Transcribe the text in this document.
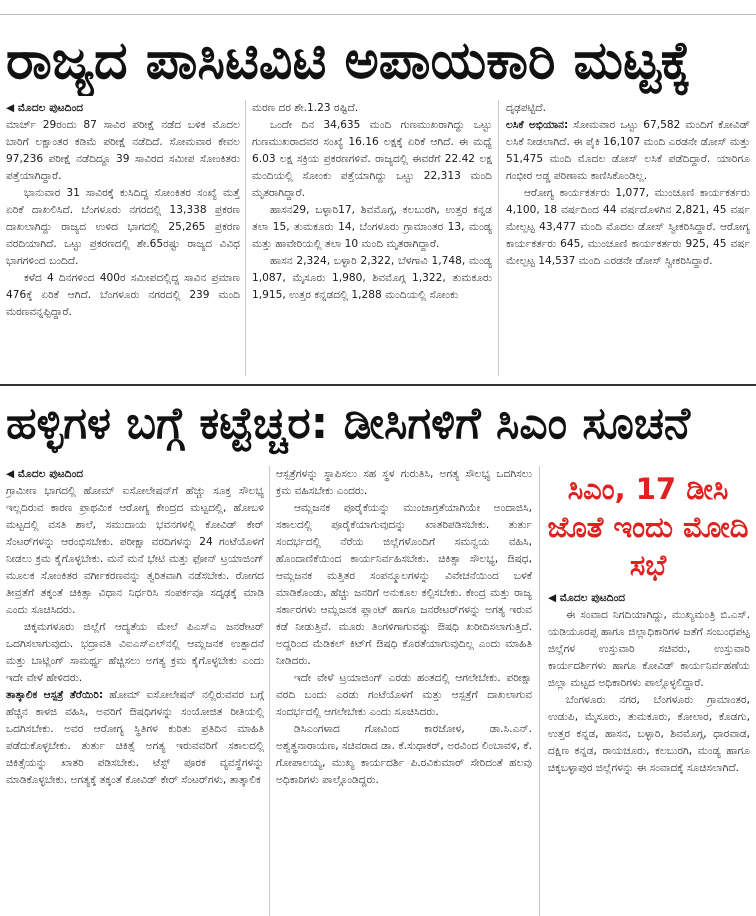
ರಾಜ್ಯದ ಪಾಸಿಟಿವಿಟಿ ಅಪಾಯಕಾರಿ ಮಟ್ಟಕ್ಕೆ

◀ ಮೊದಲ ಪುಟದಿಂದ

ಮಾರ್ಚ್ 29ರಂದು 87 ಸಾವಿರ ಪರೀಕ್ಷೆ ನಡೆದ ಬಳಿಕ ಮೊದಲ ಬಾರಿಗೆ ಲಕ್ಷಾಂತರ ಕಡಿಮೆ ಪರೀಕ್ಷೆ ನಡೆದಿದೆ. ಸೋಮವಾರ ಕೇವಲ 97,236 ಪರೀಕ್ಷೆ ನಡೆದಿದ್ದೂ 39 ಸಾವಿರದ ಸಮೀಪ ಸೋಂಕಿತರು ಪತ್ತೆಯಾಗಿದ್ದಾರೆ.

ಭಾನುವಾರ 31 ಸಾವಿರಕ್ಕೆ ಕುಸಿದಿದ್ದ ಸೋಂಕಿತರ ಸಂಖ್ಯೆ ಮತ್ತೆ ಏರಿಕೆ ದಾಖಲಿಸಿದೆ. ಬೆಂಗಳೂರು ನಗರದಲ್ಲಿ 13,338 ಪ್ರಕರಣ ದಾಖಲಾಗಿದ್ದು ರಾಜ್ಯದ ಉಳಿದ ಭಾಗದಲ್ಲಿ 25,265 ಪ್ರಕರಣ ವರದಿಯಾಗಿದೆ. ಒಟ್ಟು ಪ್ರಕರಣದಲ್ಲಿ ಶೇ.65ರಷ್ಟು ರಾಜ್ಯದ ವಿವಿಧ ಭಾಗಗಳಿಂದ ಬಂದಿದೆ.

ಕಳೆದ 4 ದಿನಗಳಿಂದ 400ರ ಸಮೀಪದಲ್ಲಿದ್ದ ಸಾವಿನ ಪ್ರಮಾಣ 476ಕ್ಕೆ ಏರಿಕೆ ಆಗಿದೆ. ಬೆಂಗಳೂರು ನಗರದಲ್ಲಿ 239 ಮಂದಿ ಮರಣವನ್ನಪ್ಪಿದ್ದಾರೆ.

ಮರಣ ದರ ಶೇ.1.23 ರಷ್ಟಿದೆ.

ಒಂದೇ ದಿನ 34,635 ಮಂದಿ ಗುಣಮುಖರಾಗಿದ್ದು ಒಟ್ಟು ಗುಣಮುಖರಾದವರ ಸಂಖ್ಯೆ 16.16 ಲಕ್ಷಕ್ಕೆ ಏರಿಕೆ ಆಗಿದೆ. ಈ ಮಧ್ಯೆ 6.03 ಲಕ್ಷ ಸಕ್ರಿಯ ಪ್ರಕರಣಗಳಿವೆ. ರಾಜ್ಯದಲ್ಲಿ ಈವರೆಗೆ 22.42 ಲಕ್ಷ ಮಂದಿಯಲ್ಲಿ ಸೋಂಕು ಪತ್ತೆಯಾಗಿದ್ದು ಒಟ್ಟು 22,313 ಮಂದಿ ಮೃತರಾಗಿದ್ದಾರೆ.

ಹಾಸನ29, ಬಳ್ಳಾರಿ17, ಶಿವಮೊಗ್ಗ, ಕಲಬುರಗಿ, ಉತ್ತರ ಕನ್ನಡ ತಲಾ 15, ತುಮಕೂರು 14, ಬೆಂಗಳೂರು ಗ್ರಾಮಾಂತರ 13, ಮಂಡ್ಯ ಮತ್ತು ಹಾವೇರಿಯಲ್ಲಿ ತಲಾ 10 ಮಂದಿ ಮೃತರಾಗಿದ್ದಾರೆ.

ಹಾಸನ 2,324, ಬಳ್ಳಾರಿ 2,322, ಬೆಳಗಾವಿ 1,748, ಮಂಡ್ಯ 1,087, ಮೈಸೂರು 1,980, ಶಿವಮೊಗ್ಗ 1,322, ತುಮಕೂರು 1,915, ಉತ್ತರ ಕನ್ನಡದಲ್ಲಿ 1,288 ಮಂದಿಯಲ್ಲಿ ಸೋಂಕು

ದೃಢಪಟ್ಟಿದೆ.

ಲಸಿಕೆ ಅಭಿಯಾನ: ಸೋಮವಾರ ಒಟ್ಟು 67,582 ಮಂದಿಗೆ ಕೋವಿಡ್ ಲಸಿಕೆ ನೀಡಲಾಗಿದೆ. ಈ ಪೈಕಿ 16,107 ಮಂದಿ ಎರಡನೇ ಡೋಸ್ ಮತ್ತು 51,475 ಮಂದಿ ಮೊದಲ ಡೋಸ್ ಲಸಿಕೆ ಪಡೆದಿದ್ದಾರೆ. ಯಾರಿಗೂ ಗಂಭೀರ ಅಡ್ಡ ಪರಿಣಾಮ ಕಾಣಿಸಿಕೊಂಡಿಲ್ಲ.

ಆರೋಗ್ಯ ಕಾರ್ಯಕರ್ತರು 1,077, ಮುಂಚೂಣಿ ಕಾರ್ಯಕರ್ತರು 4,100, 18 ವರ್ಷದಿಂದ 44 ವರ್ಷದೊಳಗಿನ 2,821, 45 ವರ್ಷ ಮೇಲ್ಪಟ್ಟ 43,477 ಮಂದಿ ಮೊದಲ ಡೋಸ್ ಸ್ವೀಕರಿಸಿದ್ದಾರೆ. ಆರೋಗ್ಯ ಕಾರ್ಯಕರ್ತರು 645, ಮುಂಚೂಣಿ ಕಾರ್ಯಕರ್ತರು 925, 45 ವರ್ಷ ಮೇಲ್ಪಟ್ಟ 14,537 ಮಂದಿ ಎರಡನೇ ಡೋಸ್ ಸ್ವೀಕರಿಸಿದ್ದಾರೆ.

ಹಳ್ಳಿಗಳ ಬಗ್ಗೆ ಕಟ್ಟೆಚ್ಚರ: ಡೀಸಿಗಳಿಗೆ ಸಿಎಂ ಸೂಚನೆ

◀ ಮೊದಲ ಪುಟದಿಂದ

ಗ್ರಾಮೀಣ ಭಾಗದಲ್ಲಿ ಹೋಮ್ ಐಸೋಲೇಷನ್‌ಗೆ ಹೆಚ್ಚು ಸೂಕ್ತ ಸೌಲಭ್ಯ ಇಲ್ಲದಿರುವ ಕಾರಣ ಪ್ರಾಥಮಿಕ ಆರೋಗ್ಯ ಕೇಂದ್ರದ ಮಟ್ಟದಲ್ಲಿ, ಹೋಬಳಿ ಮಟ್ಟದಲ್ಲಿ ವಸತಿ ಶಾಲೆ, ಸಮುದಾಯ ಭವನಗಳಲ್ಲಿ ಕೋವಿಡ್ ಕೇರ್ ಸೆಂಟರ್‌ಗಳನ್ನು ಆರಂಭಿಸಬೇಕು. ಪರೀಕ್ಷಾ ವರದಿಗಳನ್ನು 24 ಗಂಟೆಯೊಳಗೆ ನೀಡಲು ಕ್ರಮ ಕೈಗೊಳ್ಳಬೇಕು. ಮನೆ ಮನೆ ಭೇಟಿ ಮತ್ತು ಫೋನ್ ಟ್ರಯಾಜಿಂಗ್ ಮೂಲಕ ಸೋಂಕಿತರ ವರ್ಗೀಕರಣವನ್ನು ತ್ವರಿತವಾಗಿ ನಡೆಸಬೇಕು. ರೋಗದ ತೀವ್ರತೆಗೆ ತಕ್ಕಂತೆ ಚಿಕಿತ್ಸಾ ವಿಧಾನ ನಿರ್ಧರಿಸಿ ಸಂಪರ್ಕವೂ ಸದೃಢಕ್ಕೆ ಮಾಡಿ ಎಂದು ಸೂಚಿಸಿದರು.

ಚಿಕ್ಕಮಗಳೂರು ಜಿಲ್ಲೆಗೆ ಆದ್ಯತೆಯ ಮೇಲೆ ಪಿಎಸ್‌ಎ ಜನರೇಟರ್ ಒದಗಿಸಲಾಗುವುದು. ಭದ್ರಾವತಿ ವಿಐಎಸ್‌ಎಲ್‌ನಲ್ಲಿ ಆಮ್ಲಜನಕ ಉತ್ಪಾದನೆ ಮತ್ತು ಬಾಟ್ಲಿಂಗ್ ಸಾಮರ್ಥ್ಯ ಹೆಚ್ಚಿಸಲು ಅಗತ್ಯ ಕ್ರಮ ಕೈಗೊಳ್ಳಬೇಕು ಎಂದು ಇದೇ ವೇಳೆ ಹೇಳಿದರು.

ತಾತ್ಕಾಲಿಕ ಆಸ್ಪತ್ರೆ ತೆರೆಯಿರಿ: ಹೋಮ್ ಐಸೋಲೇಷನ್ ನಲ್ಲಿರುವವರ ಬಗ್ಗೆ ಹೆಚ್ಚಿನ ಕಾಳಜಿ ವಹಿಸಿ, ಅವರಿಗೆ ಔಷಧಿಗಳನ್ನು ಸಂಯೋಜಿತ ರೀತಿಯಲ್ಲಿ ಒದಗಿಸಬೇಕು. ಅವರ ಆರೋಗ್ಯ ಸ್ಥಿತಿಗಳ ಕುರಿತು ಪ್ರತಿದಿನ ಮಾಹಿತಿ ಪಡೆದುಕೊಳ್ಳಬೇಕು. ತುರ್ತು ಚಿಕಿತ್ಸೆ ಅಗತ್ಯ ಇರುವವರಿಗೆ ಸಕಾಲದಲ್ಲಿ ಚಿಕಿತ್ಸೆಯನ್ನು ಖಾತರಿ ಪಡಿಸಬೇಕು. ಟೆಸ್ಟ್ ಪೂರಕ ವ್ಯವಸ್ಥೆಗಳನ್ನು ಮಾಡಿಕೊಳ್ಳಬೇಕು. ಅಗತ್ಯಕ್ಕೆ ತಕ್ಕಂತೆ ಕೋವಿಡ್ ಕೇರ್ ಸೆಂಟರ್‌ಗಳು, ತಾತ್ಕಾಲಿಕ

ಆಸ್ಪತ್ರೆಗಳನ್ನು ಸ್ಥಾಪಿಸಲು ಸಹ ಸ್ಥಳ ಗುರುತಿಸಿ, ಅಗತ್ಯ ಸೌಲಭ್ಯ ಒದಗಿಸಲು ಕ್ರಮ ವಹಿಸಬೇಕು ಎಂದರು.

ಆಮ್ಲಜನಕ ಪೂರೈಕೆಯನ್ನು ಮುಂಜಾಗ್ರತೆಯಾಗಿಯೇ ಅಂದಾಜಿಸಿ, ಸಕಾಲದಲ್ಲಿ ಪೂರೈಕೆಯಾಗುವುದನ್ನು ಖಾತರಿಪಡಿಸಬೇಕು. ತುರ್ತು ಸಂದರ್ಭದಲ್ಲಿ ನೆರೆಯ ಜಿಲ್ಲೆಗಳೊಂದಿಗೆ ಸಮನ್ವಯ ವಹಿಸಿ, ಹೊಂದಾಣಿಕೆಯಿಂದ ಕಾರ್ಯನಿರ್ವಹಿಸಬೇಕು. ಚಿಕಿತ್ಸಾ ಸೌಲಭ್ಯ, ಔಷಧ, ಆಮ್ಲಜನಕ ಮತ್ತಿತರ ಸಂಪನ್ಮೂಲಗಳನ್ನು ವಿವೇಚನೆಯಿಂದ ಬಳಕೆ ಮಾಡಿಕೊಂಡು, ಹೆಚ್ಚು ಜನರಿಗೆ ಅನುಕೂಲ ಕಲ್ಪಿಸಬೇಕು. ಕೇಂದ್ರ ಮತ್ತು ರಾಜ್ಯ ಸರ್ಕಾರಗಳು ಆಮ್ಲಜನಕ ಪ್ಲಾಂಟ್ ಹಾಗೂ ಜನರೇಟರ್‌ಗಳನ್ನು ಅಗತ್ಯ ಇರುವ ಕಡೆ ನೀಡುತ್ತಿವೆ. ಮೂರು ತಿಂಗಳಿಗಾಗುವಷ್ಟು ಔಷಧಿ ಖರೀದಿಸಲಾಗುತ್ತಿದೆ. ಅದ್ದರಿಂದ ಮೆಡಿಕಲ್ ಕಿಟ್‌ಗೆ ಔಷಧಿ ಕೊರತೆಯಾಗುವುದಿಲ್ಲ ಎಂದು ಮಾಹಿತಿ ನೀಡಿದರು.

ಇದೇ ವೇಳೆ ಟ್ರಯಾಜಿಂಗ್ ಎರಡು ಹಂತದಲ್ಲಿ ಆಗಲೇಬೇಕು. ಪರೀಕ್ಷಾ ವರದಿ ಬಂದು ಎರಡು ಗಂಟೆಯೊಳಗೆ ಮತ್ತು ಆಸ್ಪತ್ರೆಗೆ ದಾಖಲಾಗುವ ಸಂದರ್ಭದಲ್ಲಿ ಆಗಲೇಬೇಕು ಎಂದು ಸೂಚಿಸಿದರು.

ಡಿಸಿಎಂಗಳಾದ ಗೋವಿಂದ ಕಾರಜೋಳ, ಡಾ.ಸಿ.ಎನ್. ಅಶ್ವತ್ಥನಾರಾಯಣ, ಸಚಿವರಾದ ಡಾ. ಕೆ.ಸುಧಾಕರ್, ಅರವಿಂದ ಲಿಂಬಾವಳಿ, ಕೆ. ಗೋಪಾಲಯ್ಯ, ಮುಖ್ಯ ಕಾರ್ಯದರ್ಶಿ ಪಿ.ರವಿಕುಮಾರ್ ಸೇರಿದಂತೆ ಹಲವು ಅಧಿಕಾರಿಗಳು ಪಾಲ್ಗೊಂಡಿದ್ದರು.

ಸಿಎಂ, 17 ಡೀಸಿ ಜೊತೆ ಇಂದು ಮೋದಿ ಸಭೆ

◀ ಮೊದಲ ಪುಟದಿಂದ

ಈ ಸಂವಾದ ನಿಗದಿಯಾಗಿದ್ದು, ಮುಖ್ಯಮಂತ್ರಿ ಬಿ.ಎಸ್. ಯಡಿಯೂರಪ್ಪ ಹಾಗೂ ಜಿಲ್ಲಾಧಿಕಾರಿಗಳ ಜತೆಗೆ ಸಂಬಂಧಪಟ್ಟ ಜಿಲ್ಲೆಗಳ ಉಸ್ತುವಾರಿ ಸಚಿವರು, ಉಸ್ತುವಾರಿ ಕಾರ್ಯದರ್ಶಿಗಳು ಹಾಗೂ ಕೋವಿಡ್ ಕಾರ್ಯನಿರ್ವಹಣೆಯ ಜಿಲ್ಲಾ ಮಟ್ಟದ ಅಧಿಕಾರಿಗಳು ಪಾಲ್ಗೊಳ್ಳಲಿದ್ದಾರೆ.

ಬೆಂಗಳೂರು ನಗರ, ಬೆಂಗಳೂರು ಗ್ರಾಮಾಂತರ, ಉಡುಪಿ, ಮೈಸೂರು, ತುಮಕೂರು, ಕೋಲಾರ, ಕೊಡಗು, ಉತ್ತರ ಕನ್ನಡ, ಹಾಸನ, ಬಳ್ಳಾರಿ, ಶಿವಮೊಗ್ಗ, ಧಾರವಾಡ, ದಕ್ಷಿಣ ಕನ್ನಡ, ರಾಯಚೂರು, ಕಲಬುರಗಿ, ಮಂಡ್ಯ ಹಾಗೂ ಚಿಕ್ಕಬಳ್ಳಾಪುರ ಜಿಲ್ಲೆಗಳನ್ನು ಈ ಸಂವಾದಕ್ಕೆ ಸೂಚಿಸಲಾಗಿದೆ.
